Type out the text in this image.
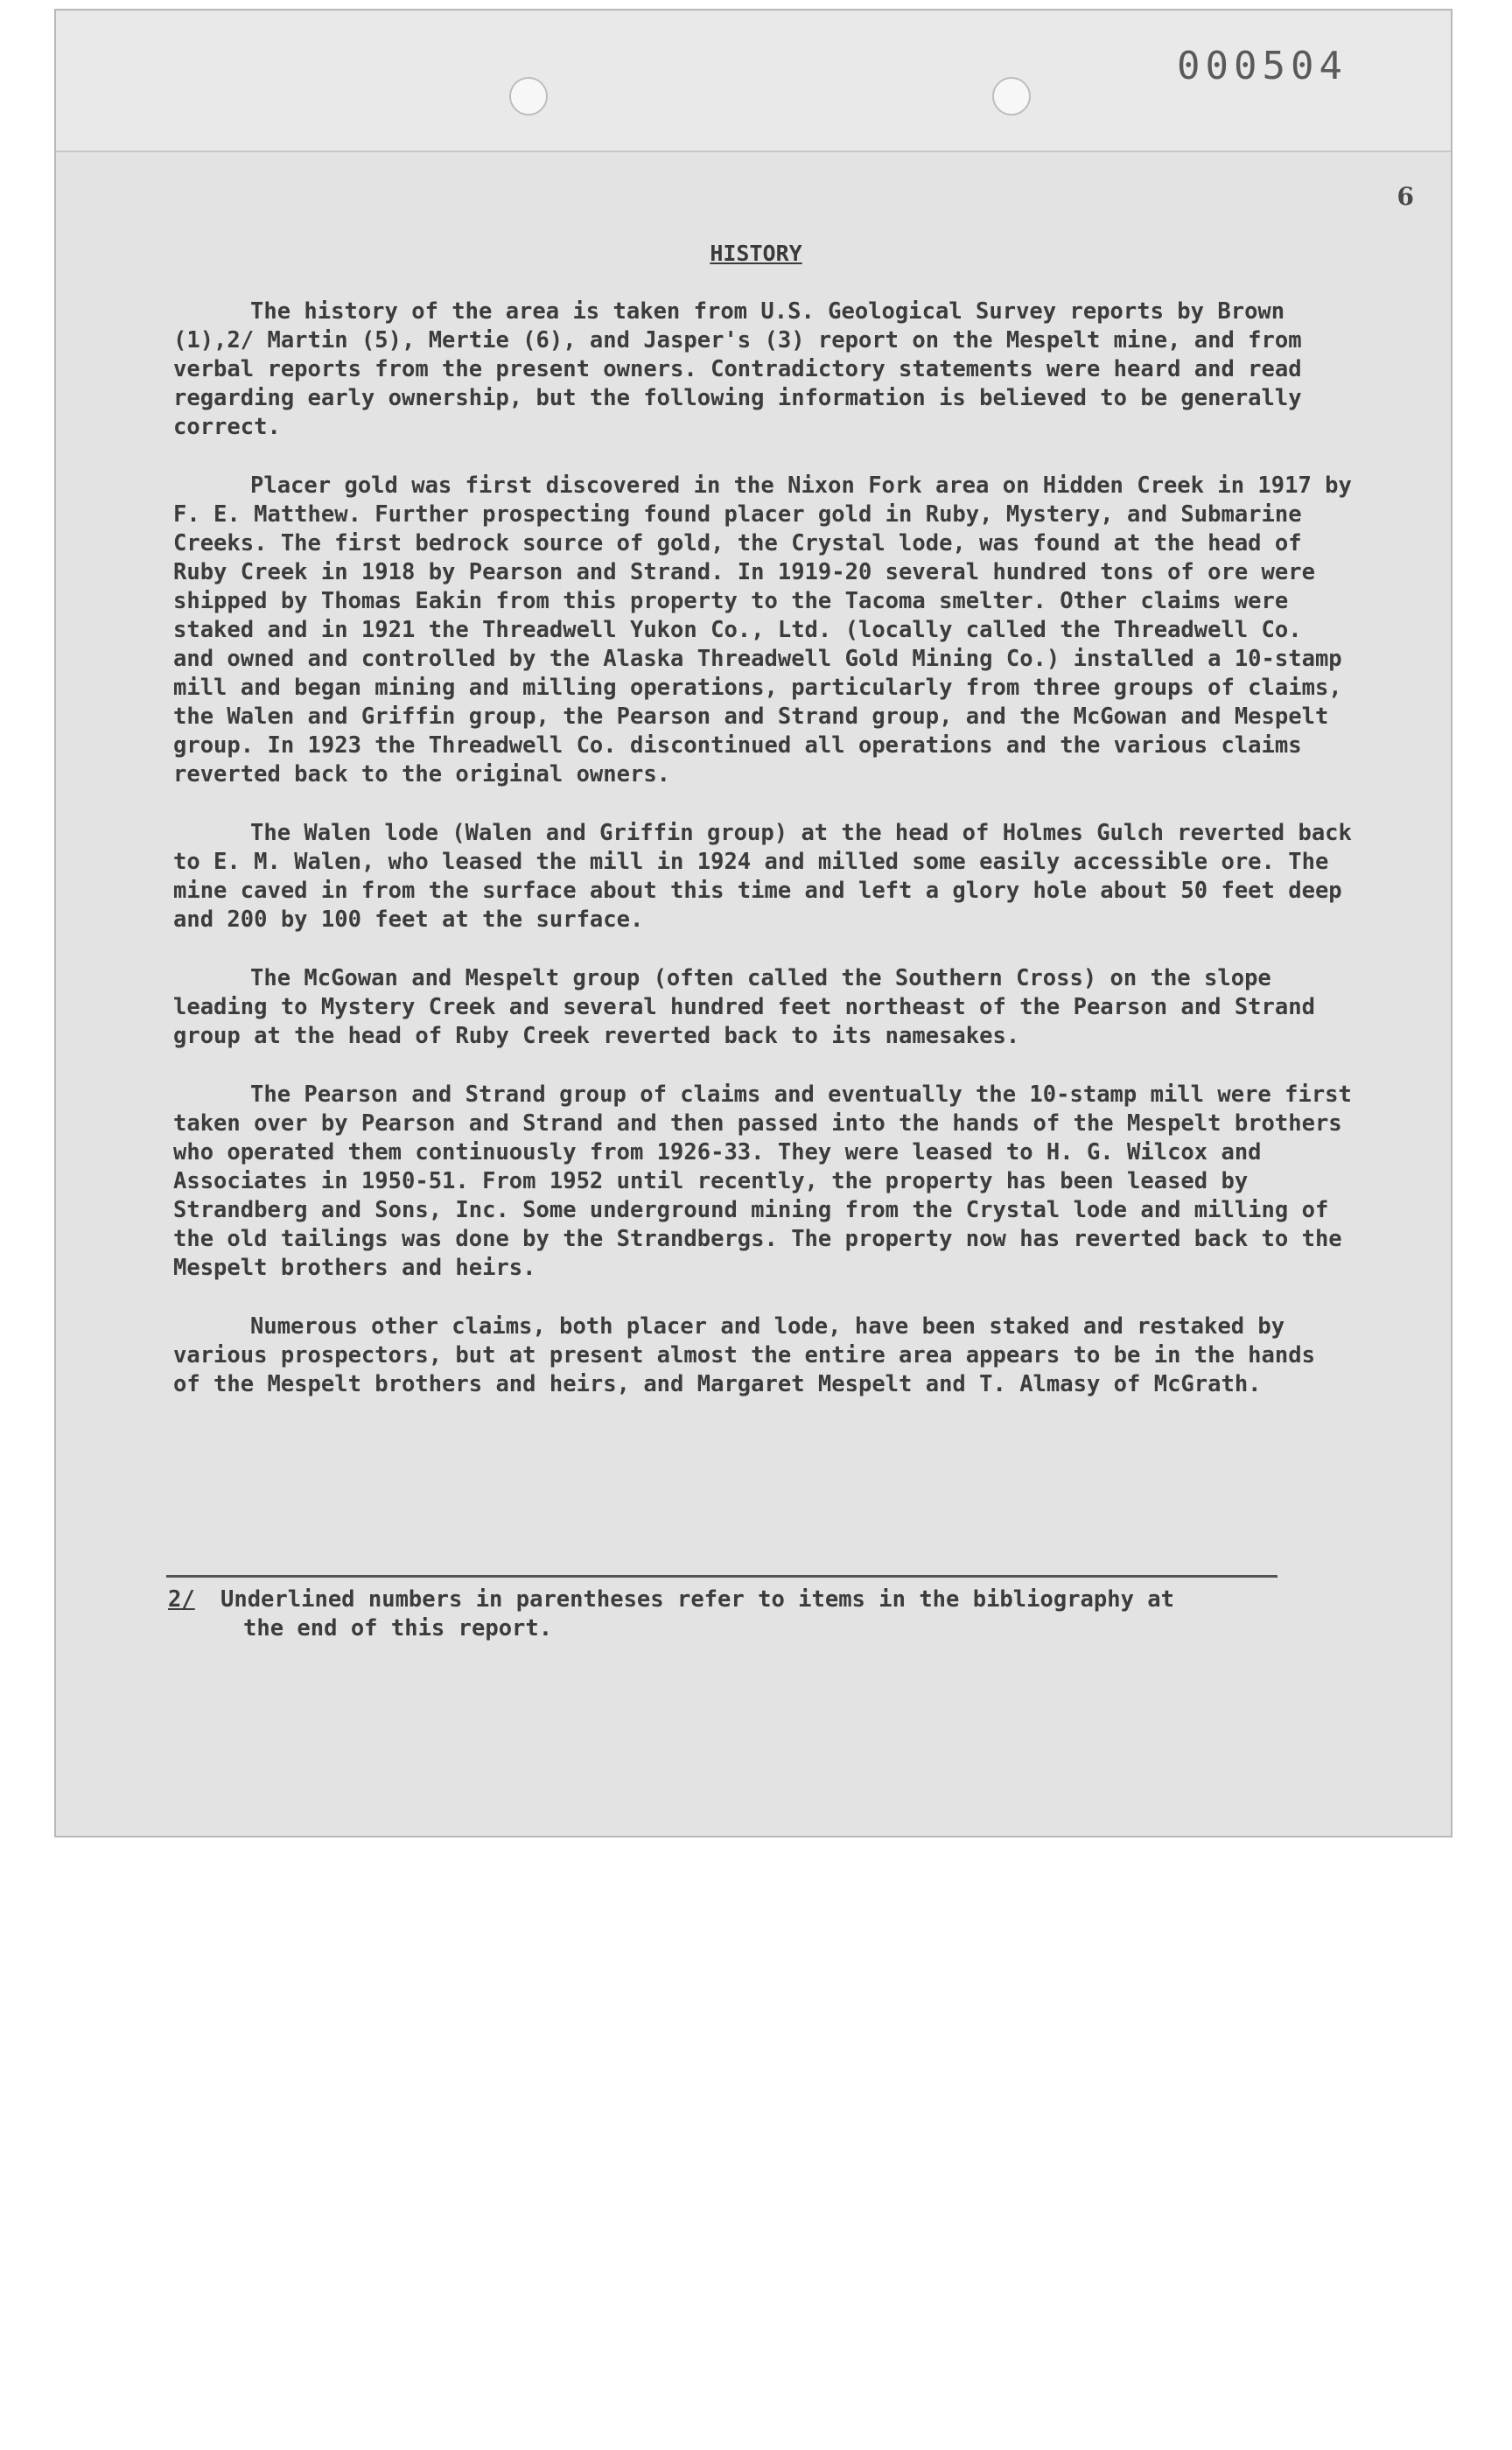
000504
6
HISTORY

The history of the area is taken from U.S. Geological Survey reports by Brown (1),2/ Martin (5), Mertie (6), and Jasper's (3) report on the Mespelt mine, and from verbal reports from the present owners. Contradictory statements were heard and read regarding early ownership, but the following information is believed to be generally correct.

Placer gold was first discovered in the Nixon Fork area on Hidden Creek in 1917 by F. E. Matthew. Further prospecting found placer gold in Ruby, Mystery, and Submarine Creeks. The first bedrock source of gold, the Crystal lode, was found at the head of Ruby Creek in 1918 by Pearson and Strand. In 1919-20 several hundred tons of ore were shipped by Thomas Eakin from this property to the Tacoma smelter. Other claims were staked and in 1921 the Threadwell Yukon Co., Ltd. (locally called the Threadwell Co. and owned and controlled by the Alaska Threadwell Gold Mining Co.) installed a 10-stamp mill and began mining and milling operations, particularly from three groups of claims, the Walen and Griffin group, the Pearson and Strand group, and the McGowan and Mespelt group. In 1923 the Threadwell Co. discontinued all operations and the various claims reverted back to the original owners.

The Walen lode (Walen and Griffin group) at the head of Holmes Gulch reverted back to E. M. Walen, who leased the mill in 1924 and milled some easily accessible ore. The mine caved in from the surface about this time and left a glory hole about 50 feet deep and 200 by 100 feet at the surface.

The McGowan and Mespelt group (often called the Southern Cross) on the slope leading to Mystery Creek and several hundred feet northeast of the Pearson and Strand group at the head of Ruby Creek reverted back to its namesakes.

The Pearson and Strand group of claims and eventually the 10-stamp mill were first taken over by Pearson and Strand and then passed into the hands of the Mespelt brothers who operated them continuously from 1926-33. They were leased to H. G. Wilcox and Associates in 1950-51. From 1952 until recently, the property has been leased by Strandberg and Sons, Inc. Some underground mining from the Crystal lode and milling of the old tailings was done by the Strandbergs. The property now has reverted back to the Mespelt brothers and heirs.

Numerous other claims, both placer and lode, have been staked and restaked by various prospectors, but at present almost the entire area appears to be in the hands of the Mespelt brothers and heirs, and Margaret Mespelt and T. Almasy of McGrath.

2/ Underlined numbers in parentheses refer to items in the bibliography at
the end of this report.
